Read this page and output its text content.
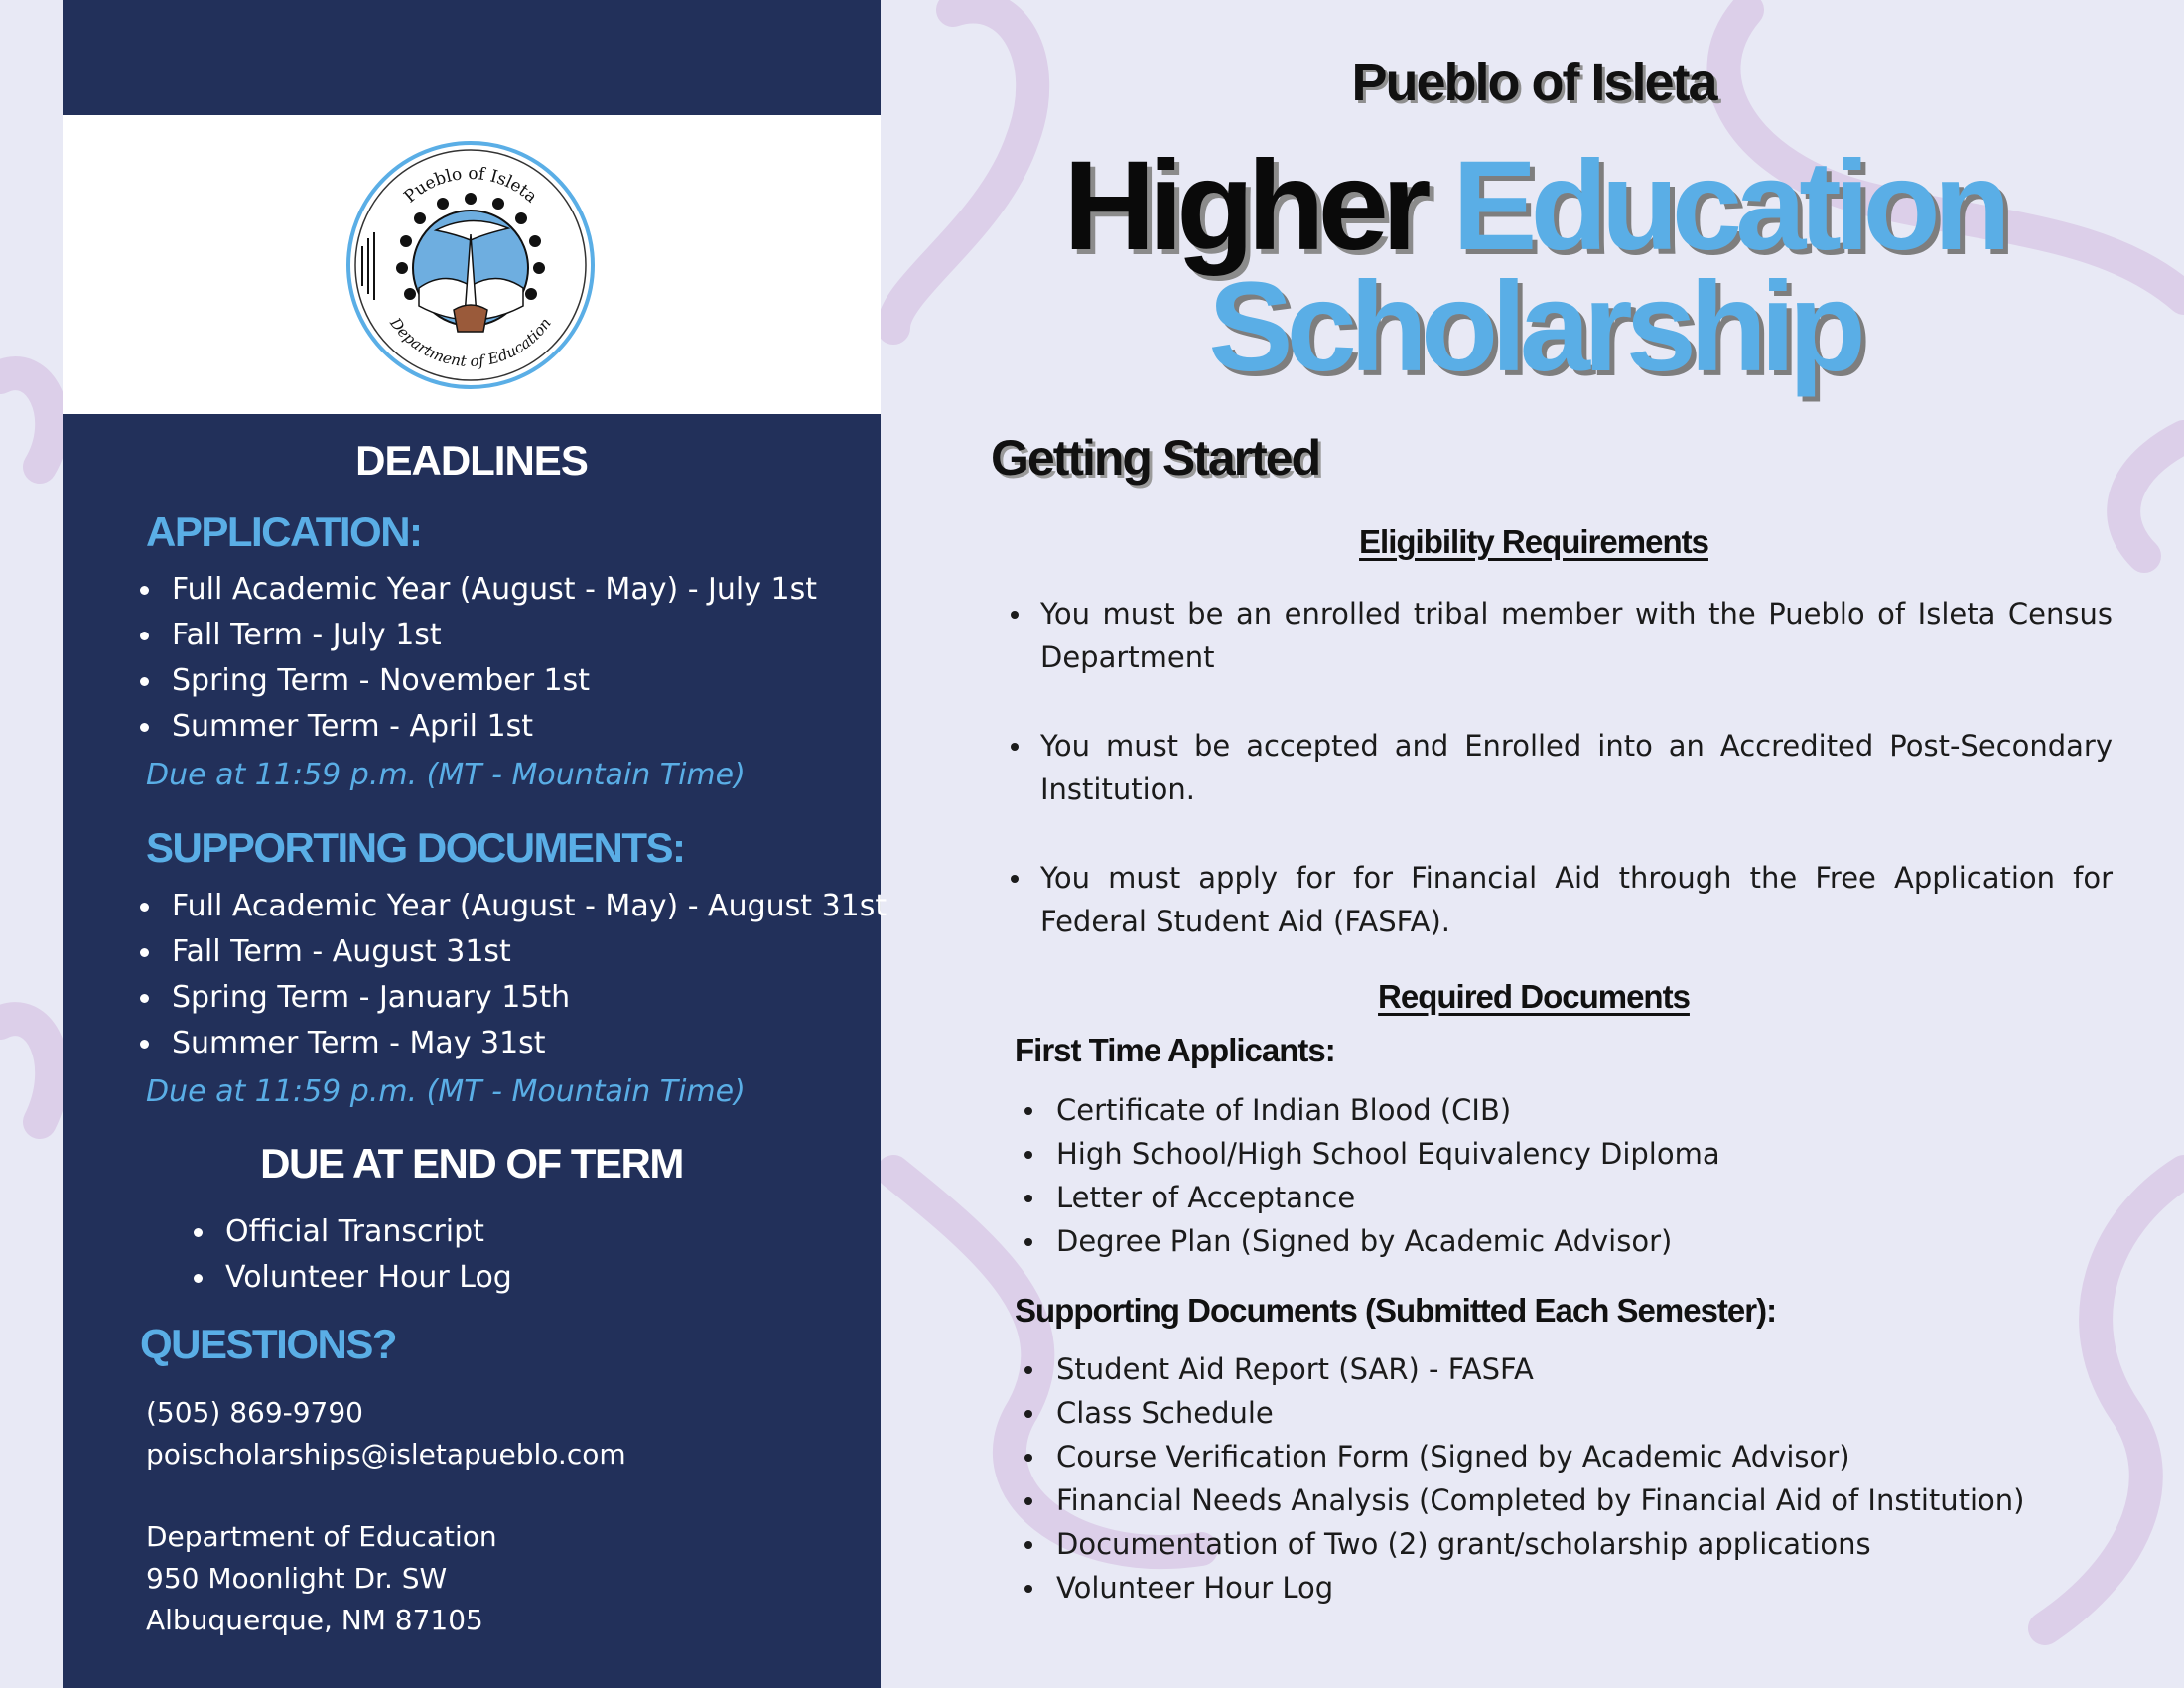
Pueblo of Isleta
Department of Education
DEADLINES
APPLICATION:
Full Academic Year (August - May) - July 1st
Fall Term - July 1st
Spring Term - November 1st
Summer Term - April 1st
Due at 11:59 p.m. (MT - Mountain Time)
SUPPORTING DOCUMENTS:
Full Academic Year (August - May) - August 31st
Fall Term - August 31st
Spring Term - January 15th
Summer Term - May 31st
Due at 11:59 p.m. (MT - Mountain Time)
DUE AT END OF TERM
Official Transcript
Volunteer Hour Log
QUESTIONS?
(505) 869-9790
poischolarships@isletapueblo.com
Department of Education
950 Moonlight Dr. SW
Albuquerque, NM 87105
Pueblo of Isleta
Higher Education
Scholarship
Getting Started
Eligibility Requirements
You must be an enrolled tribal member with the Pueblo of Isleta Census Department
You must be accepted and Enrolled into an Accredited Post-Secondary Institution.
You must apply for for Financial Aid through the Free Application for Federal Student Aid (FASFA).
Required Documents
First Time Applicants:
Certificate of Indian Blood (CIB)
High School/High School Equivalency Diploma
Letter of Acceptance
Degree Plan (Signed by Academic Advisor)
Supporting Documents (Submitted Each Semester):
Student Aid Report (SAR) - FASFA
Class Schedule
Course Verification Form (Signed by Academic Advisor)
Financial Needs Analysis (Completed by Financial Aid of Institution)
Documentation of Two (2) grant/scholarship applications
Volunteer Hour Log
